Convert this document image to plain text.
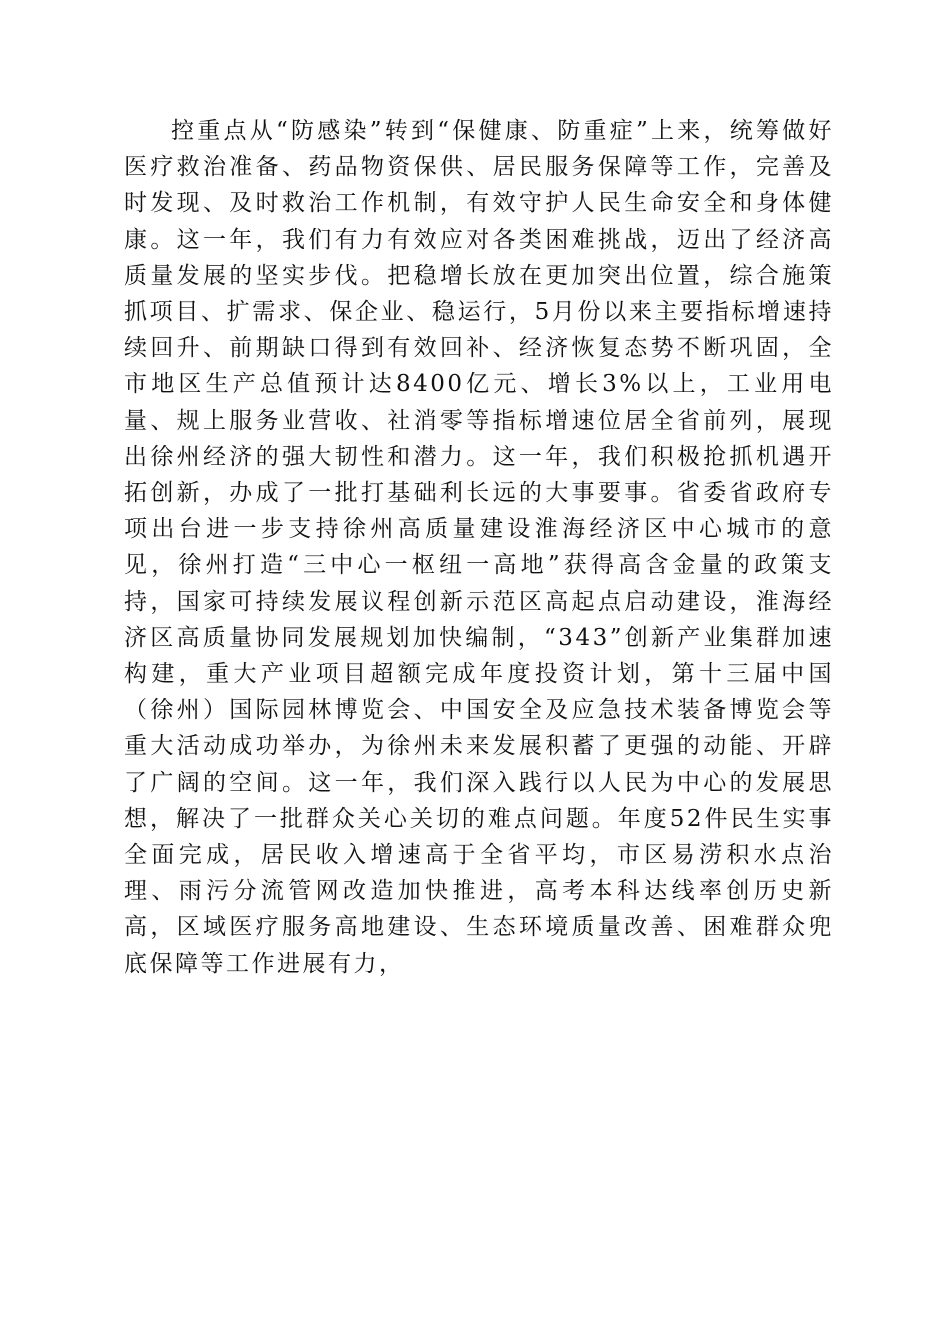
控重点从“防感染”转到“保健康、防重症”上来，统筹做好医疗救治准备、药品物资保供、居民服务保障等工作，完善及时发现、及时救治工作机制，有效守护人民生命安全和身体健康。这一年，我们有力有效应对各类困难挑战，迈出了经济高质量发展的坚实步伐。把稳增长放在更加突出位置，综合施策抓项目、扩需求、保企业、稳运行，5月份以来主要指标增速持续回升、前期缺口得到有效回补、经济恢复态势不断巩固，全市地区生产总值预计达8400亿元、增长3%以上，工业用电量、规上服务业营收、社消零等指标增速位居全省前列，展现出徐州经济的强大韧性和潜力。这一年，我们积极抢抓机遇开拓创新，办成了一批打基础利长远的大事要事。省委省政府专项出台进一步支持徐州高质量建设淮海经济区中心城市的意见，徐州打造“三中心一枢纽一高地”获得高含金量的政策支持，国家可持续发展议程创新示范区高起点启动建设，淮海经济区高质量协同发展规划加快编制，“343”创新产业集群加速构建，重大产业项目超额完成年度投资计划，第十三届中国（徐州）国际园林博览会、中国安全及应急技术装备博览会等重大活动成功举办，为徐州未来发展积蓄了更强的动能、开辟了广阔的空间。这一年，我们深入践行以人民为中心的发展思想，解决了一批群众关心关切的难点问题。年度52件民生实事全面完成，居民收入增速高于全省平均，市区易涝积水点治理、雨污分流管网改造加快推进，高考本科达线率创历史新高，区域医疗服务高地建设、生态环境质量改善、困难群众兜底保障等工作进展有力，
